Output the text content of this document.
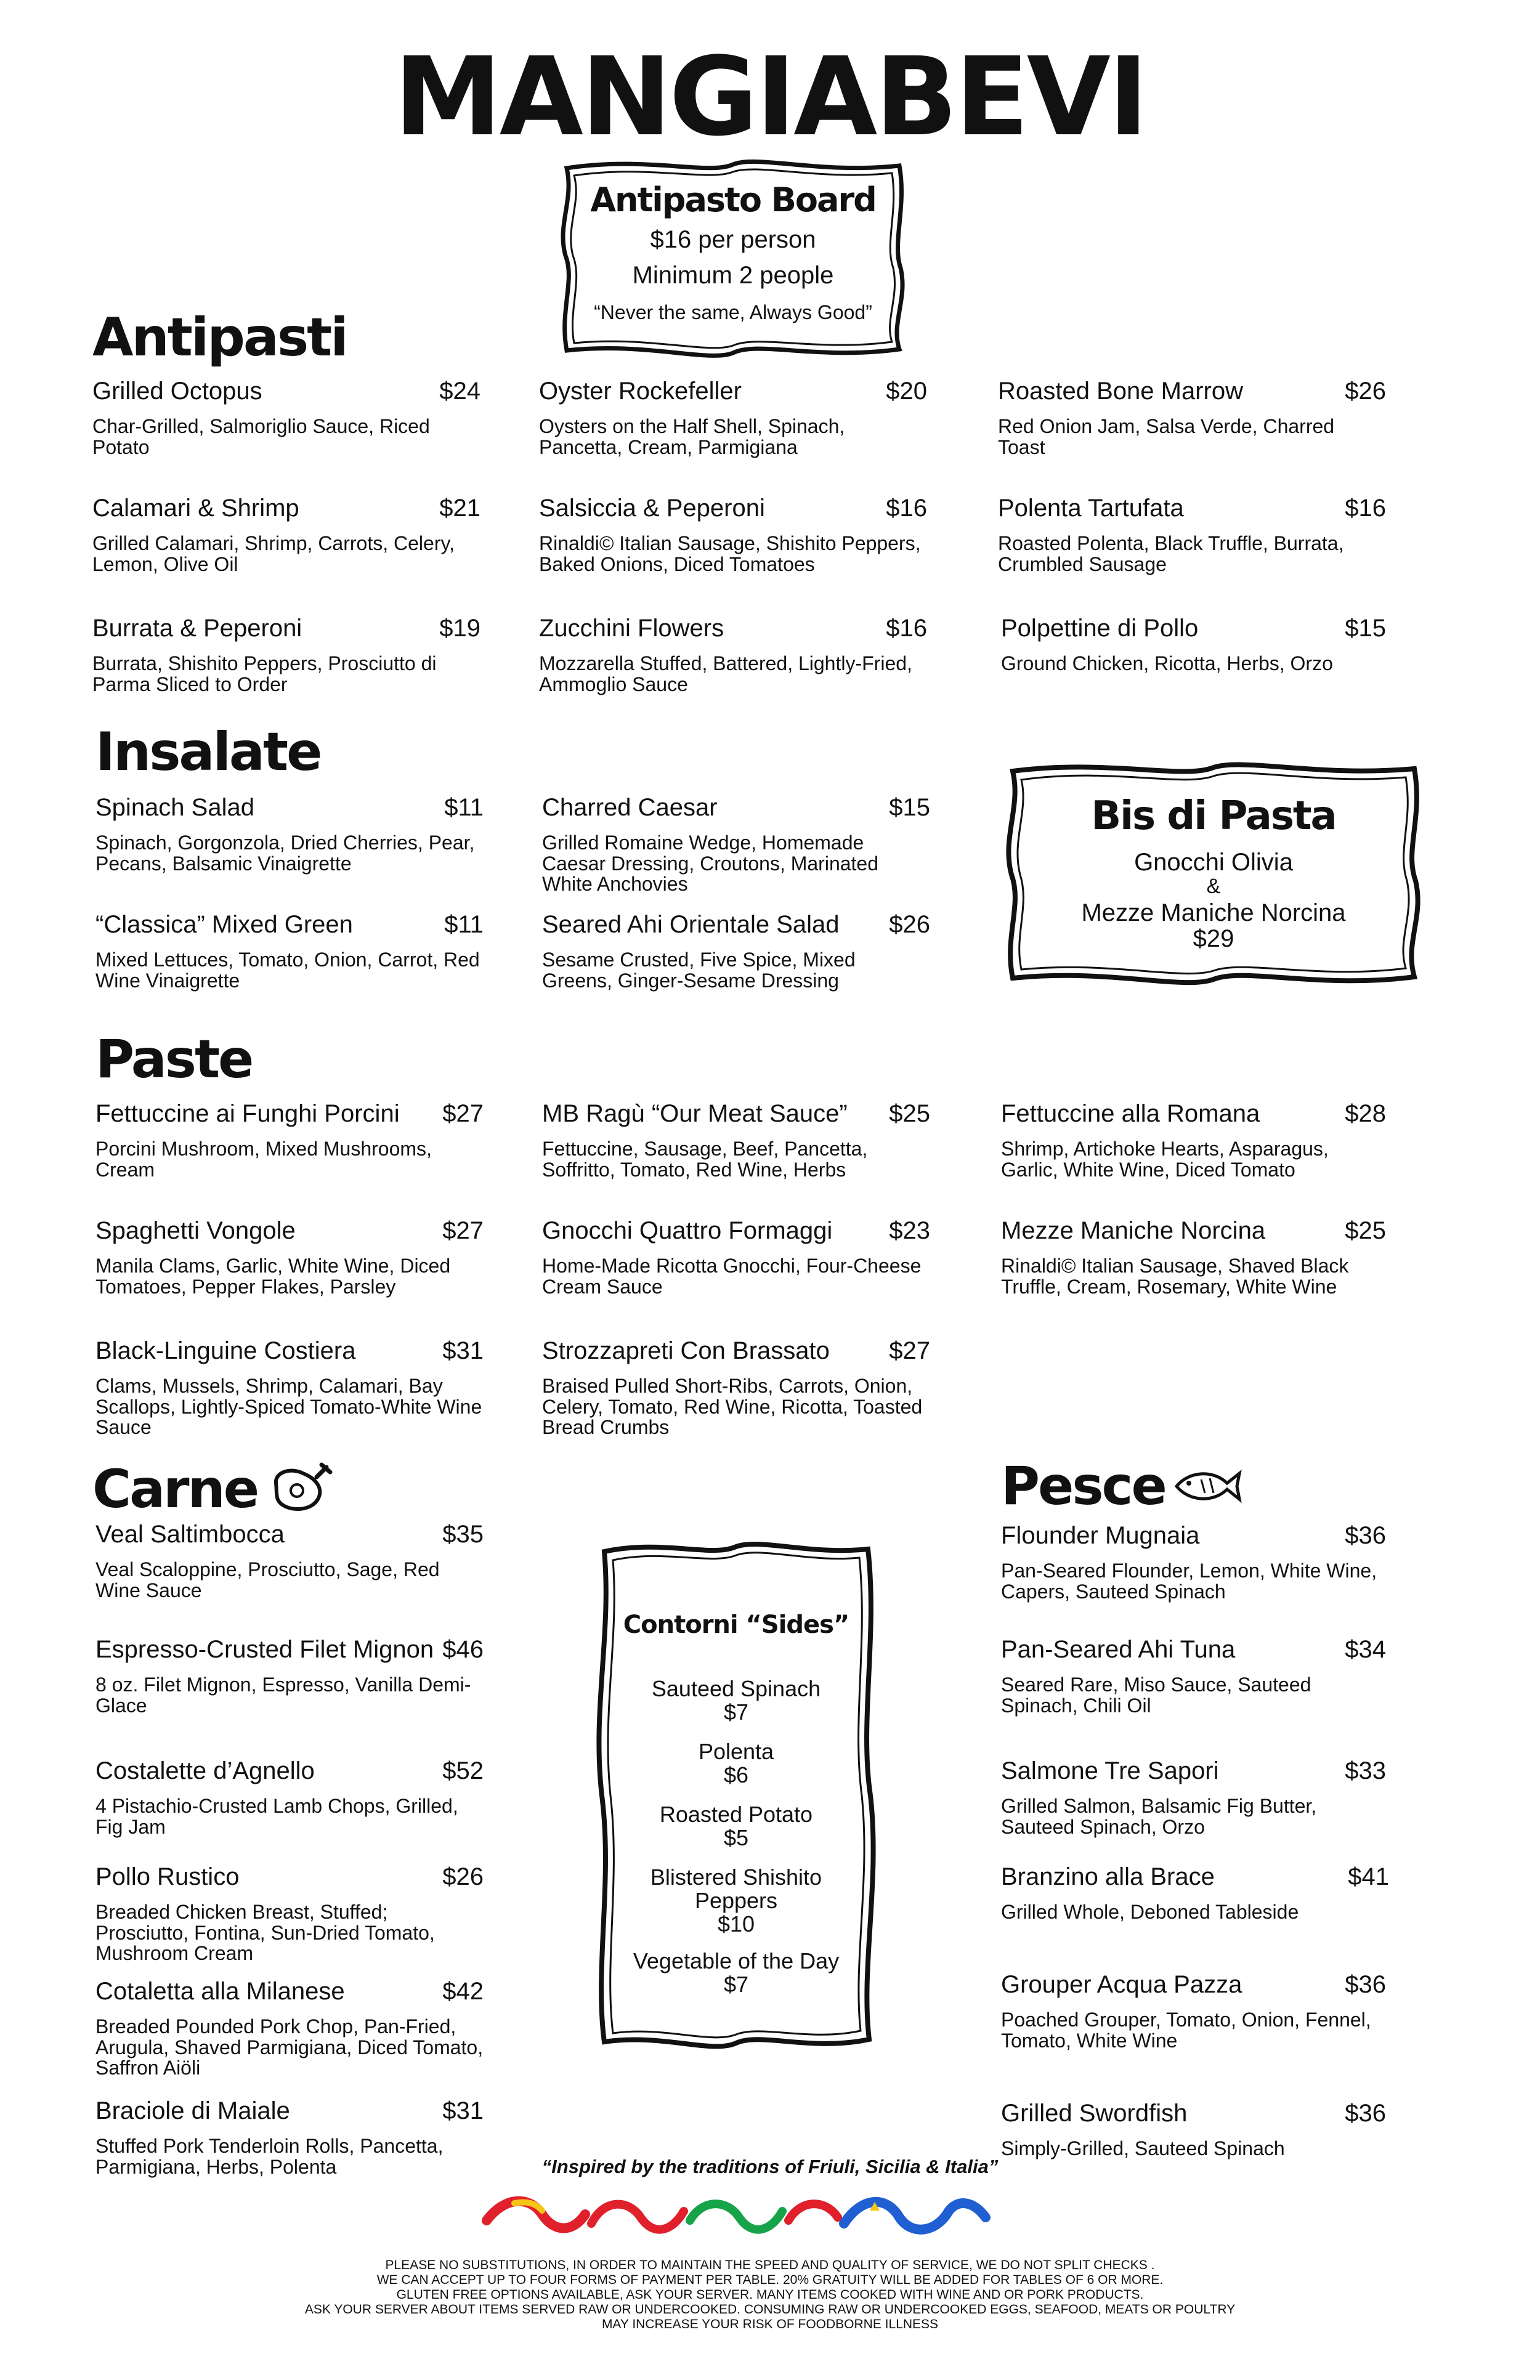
MANGIABEVI
Antipasto Board
$16 per person
Minimum 2 people
“Never the same, Always Good”
Antipasti
Insalate
Paste
Carne	Pesce
Grilled Octopus	$24
Char-Grilled, Salmoriglio Sauce, Riced Potato
Oyster Rockefeller	$20
Oysters on the Half Shell, Spinach, Pancetta, Cream, Parmigiana
Roasted Bone Marrow	$26
Red Onion Jam, Salsa Verde, Charred Toast
Calamari & Shrimp	$21
Grilled Calamari, Shrimp, Carrots, Celery, Lemon, Olive Oil
Salsiccia & Peperoni	$16
Rinaldi© Italian Sausage, Shishito Peppers, Baked Onions, Diced Tomatoes
Polenta Tartufata	$16
Roasted Polenta, Black Truffle, Burrata, Crumbled Sausage
Burrata & Peperoni	$19
Burrata, Shishito Peppers, Prosciutto di Parma Sliced to Order
Zucchini Flowers	$16
Mozzarella Stuffed, Battered, Lightly-Fried, Ammoglio Sauce
Polpettine di Pollo	$15
Ground Chicken, Ricotta, Herbs, Orzo
Spinach Salad	$11
Spinach, Gorgonzola, Dried Cherries, Pear, Pecans, Balsamic Vinaigrette
Charred Caesar	$15
Grilled Romaine Wedge, Homemade Caesar Dressing, Croutons, Marinated White Anchovies
“Classica” Mixed Green	$11
Mixed Lettuces, Tomato, Onion, Carrot, Red Wine Vinaigrette
Seared Ahi Orientale Salad $26
Sesame Crusted, Five Spice, Mixed Greens, Ginger-Sesame Dressing
Bis di Pasta
Gnocchi Olivia
&
Mezze Maniche Norcina
$29
Fettuccine ai Funghi Porcini $27
Porcini Mushroom, Mixed Mushrooms, Cream
MB Ragù “Our Meat Sauce” $25
Fettuccine, Sausage, Beef, Pancetta, Soffritto, Tomato, Red Wine, Herbs
Fettuccine alla Romana	$28
Shrimp, Artichoke Hearts, Asparagus, Garlic, White Wine, Diced Tomato
Spaghetti Vongole	$27
Manila Clams, Garlic, White Wine, Diced Tomatoes, Pepper Flakes, Parsley
Gnocchi Quattro Formaggi $23
Home-Made Ricotta Gnocchi, Four-Cheese Cream Sauce
Mezze Maniche Norcina	$25
Rinaldi© Italian Sausage, Shaved Black Truffle, Cream, Rosemary, White Wine
Black-Linguine Costiera	$31
Clams, Mussels, Shrimp, Calamari, Bay Scallops, Lightly-Spiced Tomato-White Wine Sauce
Strozzapreti Con Brassato $27
Braised Pulled Short-Ribs, Carrots, Onion, Celery, Tomato, Red Wine, Ricotta, Toasted Bread Crumbs
Veal Saltimbocca	$35
Veal Scaloppine, Prosciutto, Sage, Red Wine Sauce
Espresso-Crusted Filet Mignon $46
8 oz. Filet Mignon, Espresso, Vanilla Demi-Glace
Costalette d’Agnello	$52
4 Pistachio-Crusted Lamb Chops, Grilled, Fig Jam
Pollo Rustico	$26
Breaded Chicken Breast, Stuffed; Prosciutto, Fontina, Sun-Dried Tomato, Mushroom Cream
Cotaletta alla Milanese	$42
Breaded Pounded Pork Chop, Pan-Fried, Arugula, Shaved Parmigiana, Diced Tomato, Saffron Aiöli
Braciole di Maiale	$31
Stuffed Pork Tenderloin Rolls, Pancetta, Parmigiana, Herbs, Polenta
Contorni “Sides”
Sauteed Spinach
$7
Polenta
$6
Roasted Potato
$5
Blistered Shishito Peppers
$10
Vegetable of the Day
$7
Flounder Mugnaia	$36
Pan-Seared Flounder, Lemon, White Wine, Capers, Sauteed Spinach
Pan-Seared Ahi Tuna	$34
Seared Rare, Miso Sauce, Sauteed Spinach, Chili Oil
Salmone Tre Sapori	$33
Grilled Salmon, Balsamic Fig Butter, Sauteed Spinach, Orzo
Branzino alla Brace	$41
Grilled Whole, Deboned Tableside
Grouper Acqua Pazza	$36
Poached Grouper, Tomato, Onion, Fennel, Tomato, White Wine
Grilled Swordfish	$36
Simply-Grilled, Sauteed Spinach
“Inspired by the traditions of Friuli, Sicilia & Italia”
PLEASE NO SUBSTITUTIONS, IN ORDER TO MAINTAIN THE SPEED AND QUALITY OF SERVICE, WE DO NOT SPLIT CHECKS .
WE CAN ACCEPT UP TO FOUR FORMS OF PAYMENT PER TABLE. 20% GRATUITY WILL BE ADDED FOR TABLES OF 6 OR MORE.
GLUTEN FREE OPTIONS AVAILABLE, ASK YOUR SERVER. MANY ITEMS COOKED WITH WINE AND OR PORK PRODUCTS.
ASK YOUR SERVER ABOUT ITEMS SERVED RAW OR UNDERCOOKED. CONSUMING RAW OR UNDERCOOKED EGGS, SEAFOOD, MEATS OR POULTRY
MAY INCREASE YOUR RISK OF FOODBORNE ILLNESS
